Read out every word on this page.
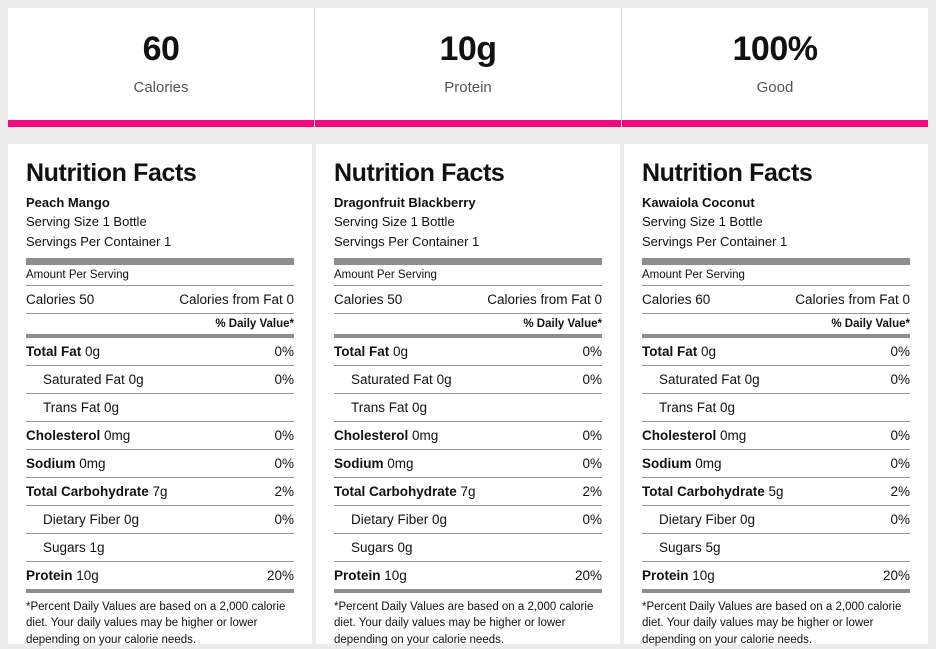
60
Calories
10g
Protein
100%
Good
Nutrition Facts
Peach Mango
Serving Size 1 Bottle
Servings Per Container 1
Amount Per Serving
Calories 50	Calories from Fat 0
% Daily Value*
Total Fat 0g	0%
Saturated Fat 0g	0%
Trans Fat 0g
Cholesterol 0mg	0%
Sodium 0mg	0%
Total Carbohydrate 7g	2%
Dietary Fiber 0g	0%
Sugars 1g
Protein 10g	20%
*Percent Daily Values are based on a 2,000 calorie diet. Your daily values may be higher or lower depending on your calorie needs.
Nutrition Facts
Dragonfruit Blackberry
Serving Size 1 Bottle
Servings Per Container 1
Amount Per Serving
Calories 50	Calories from Fat 0
% Daily Value*
Total Fat 0g	0%
Saturated Fat 0g	0%
Trans Fat 0g
Cholesterol 0mg	0%
Sodium 0mg	0%
Total Carbohydrate 7g	2%
Dietary Fiber 0g	0%
Sugars 0g
Protein 10g	20%
*Percent Daily Values are based on a 2,000 calorie diet. Your daily values may be higher or lower depending on your calorie needs.
Nutrition Facts
Kawaiola Coconut
Serving Size 1 Bottle
Servings Per Container 1
Amount Per Serving
Calories 60	Calories from Fat 0
% Daily Value*
Total Fat 0g	0%
Saturated Fat 0g	0%
Trans Fat 0g
Cholesterol 0mg	0%
Sodium 0mg	0%
Total Carbohydrate 5g	2%
Dietary Fiber 0g	0%
Sugars 5g
Protein 10g	20%
*Percent Daily Values are based on a 2,000 calorie diet. Your daily values may be higher or lower depending on your calorie needs.
